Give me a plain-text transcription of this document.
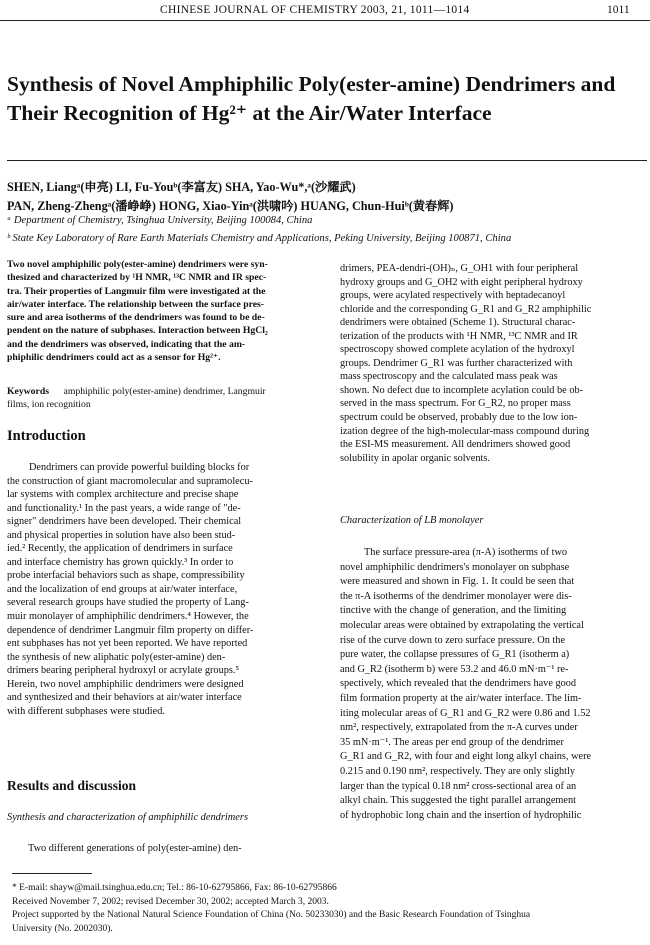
CHINESE JOURNAL OF CHEMISTRY 2003, 21, 1011—1014	1011
Synthesis of Novel Amphiphilic Poly(ester-amine) Dendrimers and
Their Recognition of Hg²⁺ at the Air/Water Interface
SHEN, Liangᵃ(申亮) LI, Fu-Youᵇ(李富友) SHA, Yao-Wu*,ᵃ(沙耀武)
PAN, Zheng-Zhengᵃ(潘峥峥) HONG, Xiao-Yinᵃ(洪啸吟) HUANG, Chun-Huiᵇ(黄春辉)
ᵃ Department of Chemistry, Tsinghua University, Beijing 100084, China
ᵇ State Key Laboratory of Rare Earth Materials Chemistry and Applications, Peking University, Beijing 100871, China
Two novel amphiphilic poly(ester-amine) dendrimers were syn-
thesized and characterized by ¹H NMR, ¹³C NMR and IR spec-
tra. Their properties of Langmuir film were investigated at the
air/water interface. The relationship between the surface pres-
sure and area isotherms of the dendrimers was found to be de-
pendent on the nature of subphases. Interaction between HgCl₂
and the dendrimers was observed, indicating that the am-
phiphilic dendrimers could act as a sensor for Hg²⁺.
Keywords amphiphilic poly(ester-amine) dendrimer, Langmuir
films, ion recognition
Introduction
Dendrimers can provide powerful building blocks for
the construction of giant macromolecular and supramolecu-
lar systems with complex architecture and precise shape
and functionality.¹ In the past years, a wide range of "de-
signer" dendrimers have been developed. Their chemical
and physical properties in solution have also been stud-
ied.² Recently, the application of dendrimers in surface
and interface chemistry has grown quickly.³ In order to
probe interfacial behaviors such as shape, compressibility
and the localization of end groups at air/water interface,
several research groups have studied the property of Lang-
muir monolayer of amphiphilic dendrimers.⁴ However, the
dependence of dendrimer Langmuir film property on differ-
ent subphases has not yet been reported. We have reported
the synthesis of new aliphatic poly(ester-amine) den-
drimers bearing peripheral hydroxyl or acrylate groups.⁵
Herein, two novel amphiphilic dendrimers were designed
and synthesized and their behaviors at air/water interface
with different subphases were studied.
Results and discussion
Synthesis and characterization of amphiphilic dendrimers
Two different generations of poly(ester-amine) den-
drimers, PEA-dendri-(OH)ₙ, G_OH1 with four peripheral
hydroxy groups and G_OH2 with eight peripheral hydroxy
groups, were acylated respectively with heptadecanoyl
chloride and the corresponding G_R1 and G_R2 amphiphilic
dendrimers were obtained (Scheme 1). Structural charac-
terization of the products with ¹H NMR, ¹³C NMR and IR
spectroscopy showed complete acylation of the hydroxyl
groups. Dendrimer G_R1 was further characterized with
mass spectroscopy and the calculated mass peak was
shown. No defect due to incomplete acylation could be ob-
served in the mass spectrum. For G_R2, no proper mass
spectrum could be observed, probably due to the low ion-
ization degree of the high-molecular-mass compound during
the ESI-MS measurement. All dendrimers showed good
solubility in apolar organic solvents.
Characterization of LB monolayer
The surface pressure-area (π-A) isotherms of two
novel amphiphilic dendrimers's monolayer on subphase
were measured and shown in Fig. 1. It could be seen that
the π-A isotherms of the dendrimer monolayer were dis-
tinctive with the change of generation, and the limiting
molecular areas were obtained by extrapolating the vertical
rise of the curve down to zero surface pressure. On the
pure water, the collapse pressures of G_R1 (isotherm a)
and G_R2 (isotherm b) were 53.2 and 46.0 mN·m⁻¹ re-
spectively, which revealed that the dendrimers have good
film formation property at the air/water interface. The lim-
iting molecular areas of G_R1 and G_R2 were 0.86 and 1.52
nm², respectively, extrapolated from the π-A curves under
35 mN·m⁻¹. The areas per end group of the dendrimer
G_R1 and G_R2, with four and eight long alkyl chains, were
0.215 and 0.190 nm², respectively. They are only slightly
larger than the typical 0.18 nm² cross-sectional area of an
alkyl chain. This suggested the tight parallel arrangement
of hydrophobic long chain and the insertion of hydrophilic
* E-mail: shayw@mail.tsinghua.edu.cn; Tel.: 86-10-62795866, Fax: 86-10-62795866
Received November 7, 2002; revised December 30, 2002; accepted March 3, 2003.
Project supported by the National Natural Science Foundation of China (No. 50233030) and the Basic Research Foundation of Tsinghua
University (No. 2002030).
